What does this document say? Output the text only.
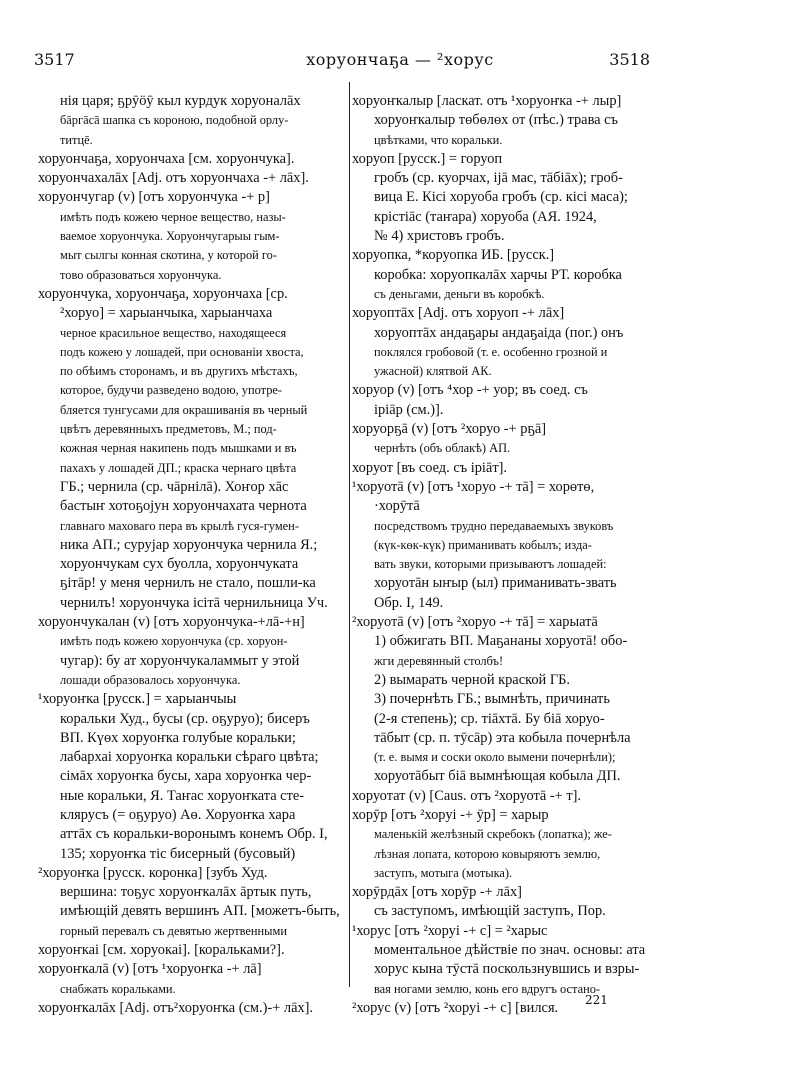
3517	хоруончаҕа — ²хорус	3518
нія царя; ҕрӯӧӯ кыл курдук хоруоналāх
бāргāсā шапка съ короною, подобной орлу-
титцē.
хоруончаҕа, хоруончаха [см. хоруончука].
хоруончахалāх [Adj. отъ хоруончаха -+ лāх].
хоруончугар (v) [отъ хоруончука -+ р]
имѣть подъ кожею черное вещество, назы-
ваемое хоруончука. Хоруончугарыы гым-
мыт сылгы конная скотина, у которой го-
тово образоваться хоруончука.
хоруончука, хоруончаҕа, хоруончаха [ср.
²хоруо] = харыанчыка, харыанчаха
черное красильное вещество, находящееся
подъ кожею у лошадей, при основаніи хвоста,
по обѣимъ сторонамъ, и въ другихъ мѣстахъ,
которое, будучи разведено водою, употре-
бляется тунгусами для окрашиванія въ черный
цвѣтъ деревянныхъ предметовъ, М.; под-
кожная черная накипень подъ мышками и въ
пахахъ у лошадей ДП.; краска чернаго цвѣта
ГБ.; чернила (ср. чāрнілā). Хоҥор хāс
бастыҥ хотоҕојун хоруончахата чернота
главнаго маховаго пера въ крылѣ гуся-гумен-
ника АП.; сурујар хоруончука чернила Я.;
хоруончукам сух буолла, хоруончуката
ҕітāр! у меня чернилъ не стало, пошли-ка
чернилъ! хоруончука ісітā чернильница Уч.
хоруончукалан (v) [отъ хоруончука-+лā-+н]
имѣть подъ кожею хоруончука (ср. хоруон-
чугар): бу ат хоруончукаламмыт у этой
лошади образовалось хоруончука.
¹хоруоҥка [русск.] = харыанчыы
коральки Худ., бусы (ср. оҕуруо); бисеръ
ВП. Күөх хоруоҥка голубые коральки;
лабархаі хоруоҥка коральки сѣраго цвѣта;
сімāх хоруоҥка бусы, хара хоруоҥка чер-
ные коральки, Я. Таҥас хоруоҥката сте-
клярусъ (= оҕуруо) Аө. Хоруоҥка хара
аттāх съ коральки-воронымъ конемъ Обр. I,
135; хоруоҥка тіс бисерный (бусовый)
²хоруоҥка [русск. коронка] [зубъ Худ.
вершина: тоҕус хоруоҥкалāх āртык путь,
имѣющій девять вершинъ АП. [можетъ-быть,
горный перевалъ съ девятью жертвенными
хоруоҥкаі [см. хоруокаі]. [коральками?].
хоруоҥкалā (v) [отъ ¹хоруоҥка -+ лā]
снабжать коральками.
хоруоҥкалāх [Adj. отъ²хоруоҥка (см.)-+ лāх].
хоруоҥкалыр [ласкат. отъ ¹хоруоҥка -+ лыр]
хоруоҥкалыр төбөлөх от (пѣс.) трава съ
цвѣтками, что коральки.
хоруоп [русск.] = горуоп
гробъ (ср. куорчах, іјā мас, тāбіāх); гроб-
вица Е. Кісі хоруоба гробъ (ср. кісі маса);
крістіāс (таҥара) хоруоба (АЯ. 1924,
№ 4) христовъ гробъ.
хоруопка, *коруопка ИБ. [русск.]
коробка: хоруопкалāх харчы РТ. коробка
съ деньгами, деньги въ коробкѣ.
хоруоптāх [Adj. отъ хоруоп -+ лāх]
хоруоптāх андаҕары андаҕаіда (пог.) онъ
поклялся гробовой (т. е. особенно грозной и
ужасной) клятвой АК.
хоруор (v) [отъ ⁴хор -+ уор; въ соед. съ
іріāр (см.)].
хоруорҕā (v) [отъ ²хоруо -+ рҕā]
чернѣть (объ облакѣ) АП.
хоруот [въ соед. съ іріāт].
¹хоруотā (v) [отъ ¹хоруо -+ тā] = хорөтө,
·хорӯтā
посредствомъ трудно передаваемыхъ звуковъ
(күк-көк-күк) приманивать кобылъ; изда-
вать звуки, которыми призываютъ лошадей:
хоруотāн ыҥыр (ыл) приманивать-звать
Обр. I, 149.
²хоруотā (v) [отъ ²хоруо -+ тā] = харыатā
1) обжигать ВП. Маҕананы хоруотā! обо-
жги деревянный столбъ!
2) вымарать черной краской ГБ.
3) почернѣть ГБ.; вымнѣть, причинать
(2-я степень); ср. тіāхтā. Бу біā хоруо-
тāбыт (ср. п. тӯсāр) эта кобыла почернѣла
(т. е. вымя и соски около вымени почернѣли);
хоруотāбыт біā вымнѣющая кобыла ДП.
хоруотат (v) [Caus. отъ ²хоруотā -+ т].
хорӯр [отъ ²хоруі -+ ӯр] = харыр
маленькій желѣзный скребокъ (лопатка); же-
лѣзная лопата, которою ковыряютъ землю,
заступъ, мотыга (мотыка).
хорӯрдāх [отъ хорӯр -+ лāх]
съ заступомъ, имѣющій заступъ, Пор.
¹хорус [отъ ²хоруі -+ с] = ²харыс
моментальное дѣйствіе по знач. основы: ата
хорус кына тӯстā поскользнувшись и взры-
вая ногами землю, конь его вдругъ остано-
²хорус (v) [отъ ²хоруі -+ с] [вился.	221
